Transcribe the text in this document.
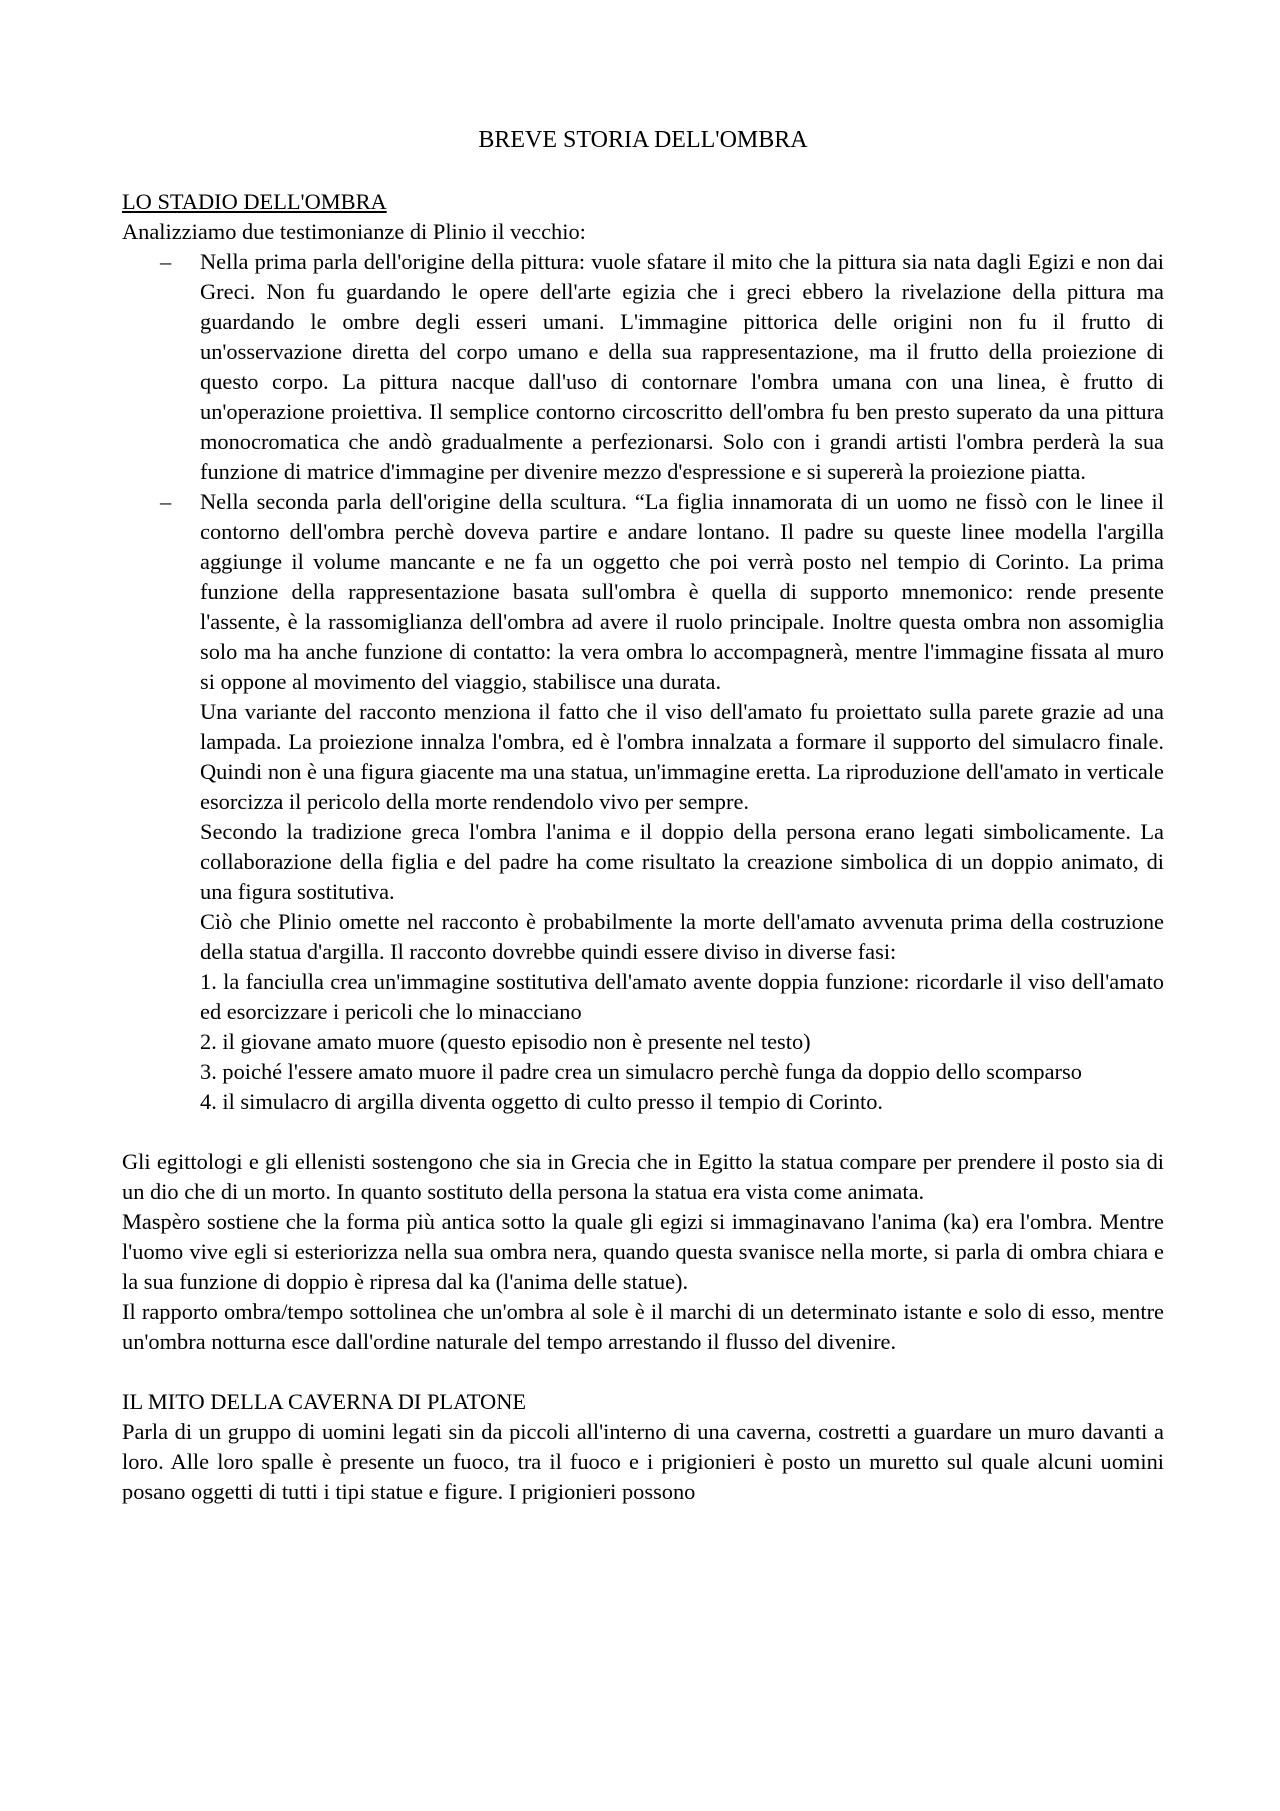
BREVE STORIA DELL'OMBRA
LO STADIO DELL'OMBRA

Analizziamo due testimonianze di Plinio il vecchio:

– Nella prima parla dell'origine della pittura: vuole sfatare il mito che la pittura sia nata dagli Egizi e non dai Greci. Non fu guardando le opere dell'arte egizia che i greci ebbero la rivelazione della pittura ma guardando le ombre degli esseri umani. L'immagine pittorica delle origini non fu il frutto di un'osservazione diretta del corpo umano e della sua rappresentazione, ma il frutto della proiezione di questo corpo. La pittura nacque dall'uso di contornare l'ombra umana con una linea, è frutto di un'operazione proiettiva. Il semplice contorno circoscritto dell'ombra fu ben presto superato da una pittura monocromatica che andò gradualmente a perfezionarsi. Solo con i grandi artisti l'ombra perderà la sua funzione di matrice d'immagine per divenire mezzo d'espressione e si supererà la proiezione piatta.

– Nella seconda parla dell'origine della scultura. “La figlia innamorata di un uomo ne fissò con le linee il contorno dell'ombra perchè doveva partire e andare lontano. Il padre su queste linee modella l'argilla aggiunge il volume mancante e ne fa un oggetto che poi verrà posto nel tempio di Corinto. La prima funzione della rappresentazione basata sull'ombra è quella di supporto mnemonico: rende presente l'assente, è la rassomiglianza dell'ombra ad avere il ruolo principale. Inoltre questa ombra non assomiglia solo ma ha anche funzione di contatto: la vera ombra lo accompagnerà, mentre l'immagine fissata al muro si oppone al movimento del viaggio, stabilisce una durata.

Una variante del racconto menziona il fatto che il viso dell'amato fu proiettato sulla parete grazie ad una lampada. La proiezione innalza l'ombra, ed è l'ombra innalzata a formare il supporto del simulacro finale. Quindi non è una figura giacente ma una statua, un'immagine eretta. La riproduzione dell'amato in verticale esorcizza il pericolo della morte rendendolo vivo per sempre.

Secondo la tradizione greca l'ombra l'anima e il doppio della persona erano legati simbolicamente. La collaborazione della figlia e del padre ha come risultato la creazione simbolica di un doppio animato, di una figura sostitutiva.

Ciò che Plinio omette nel racconto è probabilmente la morte dell'amato avvenuta prima della costruzione della statua d'argilla. Il racconto dovrebbe quindi essere diviso in diverse fasi:

1. la fanciulla crea un'immagine sostitutiva dell'amato avente doppia funzione: ricordarle il viso dell'amato ed esorcizzare i pericoli che lo minacciano

2. il giovane amato muore (questo episodio non è presente nel testo)

3. poiché l'essere amato muore il padre crea un simulacro perchè funga da doppio dello scomparso

4. il simulacro di argilla diventa oggetto di culto presso il tempio di Corinto.

Gli egittologi e gli ellenisti sostengono che sia in Grecia che in Egitto la statua compare per prendere il posto sia di un dio che di un morto. In quanto sostituto della persona la statua era vista come animata.

Maspèro sostiene che la forma più antica sotto la quale gli egizi si immaginavano l'anima (ka) era l'ombra. Mentre l'uomo vive egli si esteriorizza nella sua ombra nera, quando questa svanisce nella morte, si parla di ombra chiara e la sua funzione di doppio è ripresa dal ka (l'anima delle statue).

Il rapporto ombra/tempo sottolinea che un'ombra al sole è il marchi di un determinato istante e solo di esso, mentre un'ombra notturna esce dall'ordine naturale del tempo arrestando il flusso del divenire.

IL MITO DELLA CAVERNA DI PLATONE

Parla di un gruppo di uomini legati sin da piccoli all'interno di una caverna, costretti a guardare un muro davanti a loro. Alle loro spalle è presente un fuoco, tra il fuoco e i prigionieri è posto un muretto sul quale alcuni uomini posano oggetti di tutti i tipi statue e figure. I prigionieri possono
